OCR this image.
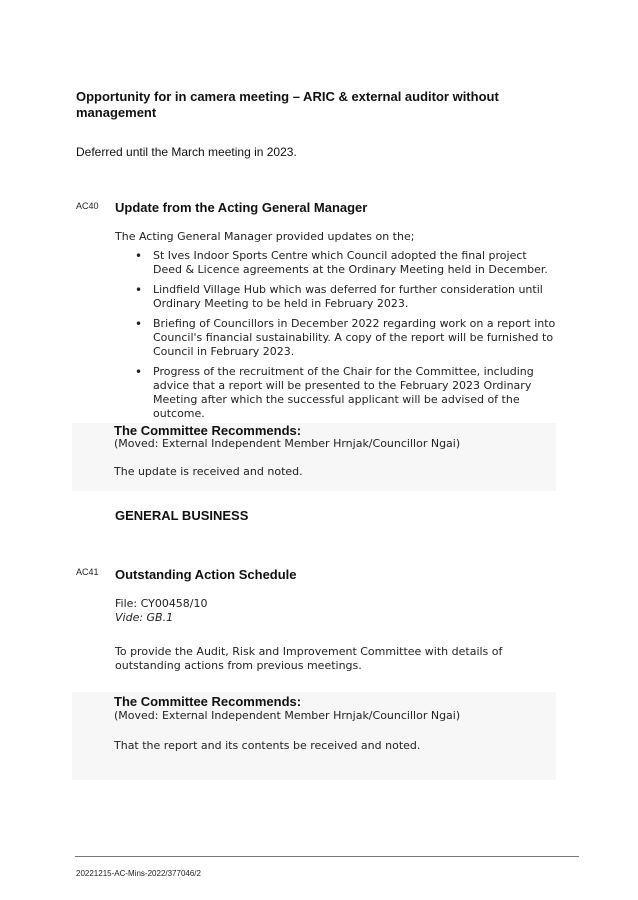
Opportunity for in camera meeting – ARIC & external auditor without management
Deferred until the March meeting in 2023.
AC40 Update from the Acting General Manager
The Acting General Manager provided updates on the;
• St Ives Indoor Sports Centre which Council adopted the final project Deed & Licence agreements at the Ordinary Meeting held in December.
• Lindfield Village Hub which was deferred for further consideration until Ordinary Meeting to be held in February 2023.
• Briefing of Councillors in December 2022 regarding work on a report into Council's financial sustainability. A copy of the report will be furnished to Council in February 2023.
• Progress of the recruitment of the Chair for the Committee, including advice that a report will be presented to the February 2023 Ordinary Meeting after which the successful applicant will be advised of the outcome.
The Committee Recommends:
(Moved: External Independent Member Hrnjak/Councillor Ngai)
The update is received and noted.
GENERAL BUSINESS
AC41 Outstanding Action Schedule
File: CY00458/10
Vide: GB.1
To provide the Audit, Risk and Improvement Committee with details of outstanding actions from previous meetings.
The Committee Recommends:
(Moved: External Independent Member Hrnjak/Councillor Ngai)
That the report and its contents be received and noted.
20221215-AC-Mins-2022/377046/2
